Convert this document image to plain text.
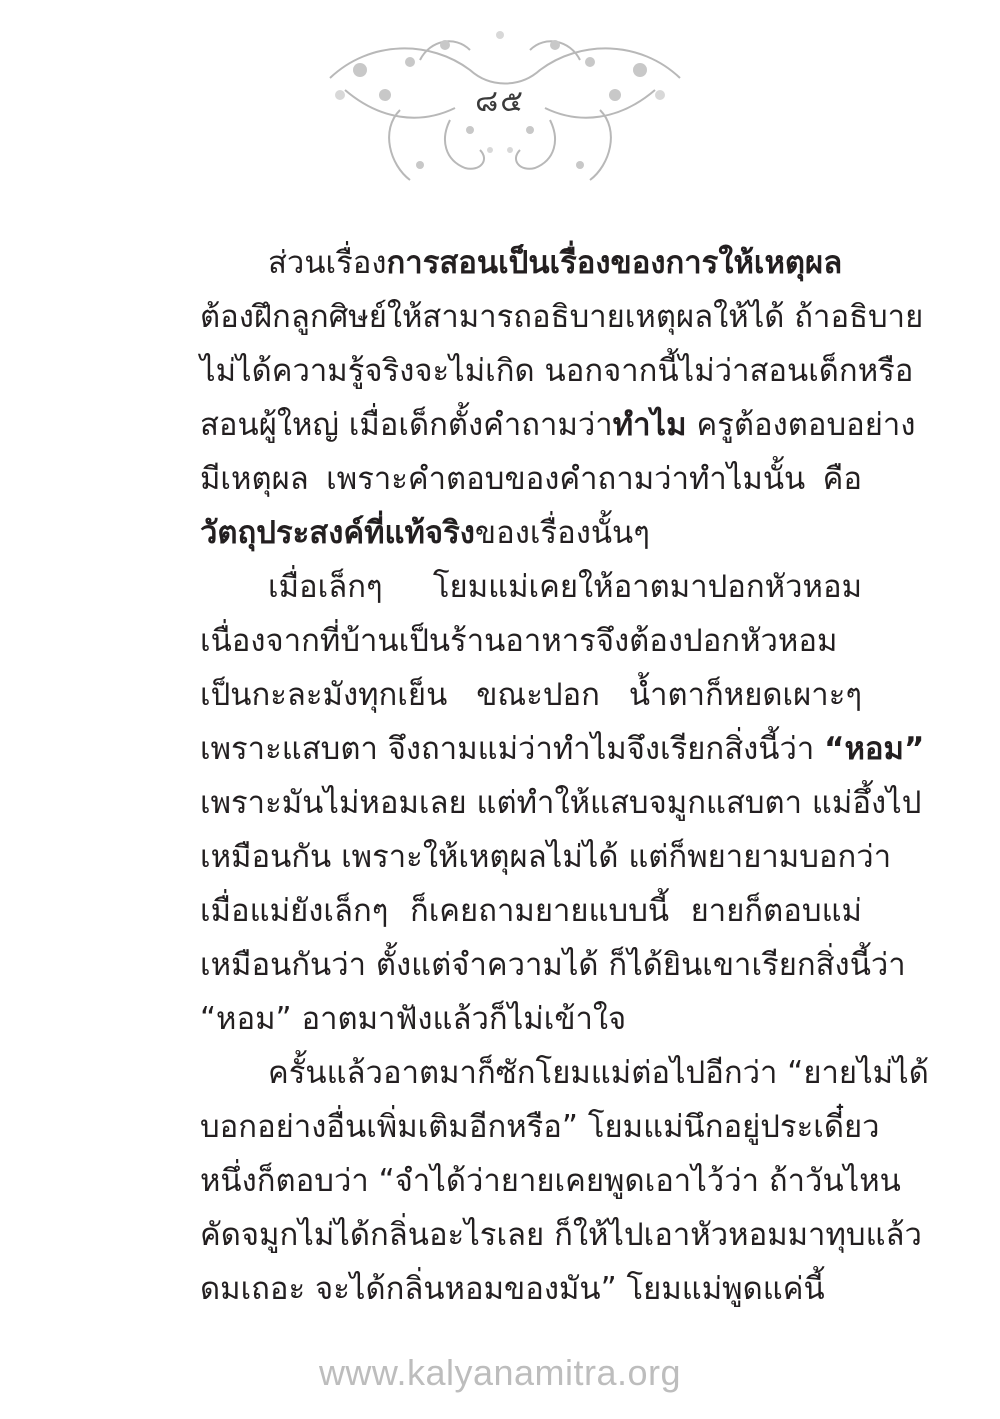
๘๕
ส่วนเรื่องการสอนเป็นเรื่องของการให้เหตุผล
ต้องฝึกลูกศิษย์ให้สามารถอธิบายเหตุผลให้ได้ ถ้าอธิบาย
ไม่ได้ความรู้จริงจะไม่เกิด นอกจากนี้ไม่ว่าสอนเด็กหรือ
สอนผู้ใหญ่ เมื่อเด็กตั้งคำถามว่าทำไม ครูต้องตอบอย่าง
มีเหตุผล เพราะคำตอบของคำถามว่าทำไมนั้น คือ
วัตถุประสงค์ที่แท้จริงของเรื่องนั้นๆ
เมื่อเล็กๆ โยมแม่เคยให้อาตมาปอกหัวหอม
เนื่องจากที่บ้านเป็นร้านอาหารจึงต้องปอกหัวหอม
เป็นกะละมังทุกเย็น ขณะปอก น้ำตาก็หยดเผาะๆ
เพราะแสบตา จึงถามแม่ว่าทำไมจึงเรียกสิ่งนี้ว่า “หอม”
เพราะมันไม่หอมเลย แต่ทำให้แสบจมูกแสบตา แม่อึ้งไป
เหมือนกัน เพราะให้เหตุผลไม่ได้ แต่ก็พยายามบอกว่า
เมื่อแม่ยังเล็กๆ ก็เคยถามยายแบบนี้ ยายก็ตอบแม่
เหมือนกันว่า ตั้งแต่จำความได้ ก็ได้ยินเขาเรียกสิ่งนี้ว่า
“หอม” อาตมาฟังแล้วก็ไม่เข้าใจ
ครั้นแล้วอาตมาก็ซักโยมแม่ต่อไปอีกว่า “ยายไม่ได้
บอกอย่างอื่นเพิ่มเติมอีกหรือ” โยมแม่นึกอยู่ประเดี๋ยว
หนึ่งก็ตอบว่า “จำได้ว่ายายเคยพูดเอาไว้ว่า ถ้าวันไหน
คัดจมูกไม่ได้กลิ่นอะไรเลย ก็ให้ไปเอาหัวหอมมาทุบแล้ว
ดมเถอะ จะได้กลิ่นหอมของมัน” โยมแม่พูดแค่นี้
www.kalyanamitra.org
